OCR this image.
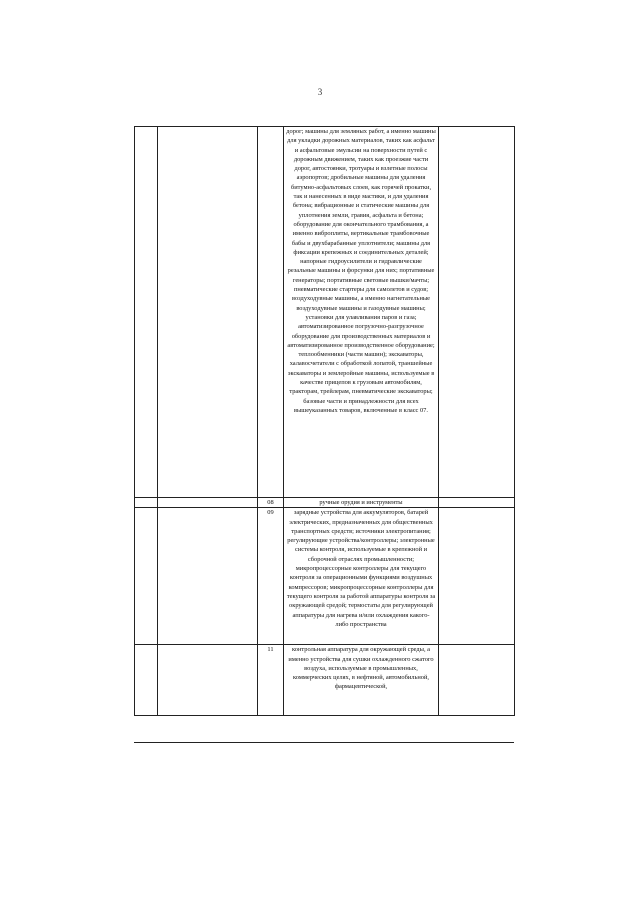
3
			дорог; машины для земляных работ, а именно машины для укладки дорожных материалов, таких как асфальт и асфальтовые эмульсии на поверхности путей с дорожным движением, таких как проезжие части дорог, автостоянки, тротуары и взлетные полосы аэропортов; дробильные машины для удаления битумно-асфальтовых слоев, как горячей прокатки, так и нанесенных в виде мастики, и для удаления бетона; вибрационные и статические машины для уплотнения земли, гравия, асфальта и бетона; оборудование для окончательного трамбования, а именно виброплиты, вертикальные трамбовочные бабы и двухбарабанные уплотнители; машины для фиксации крепежных и соединительных деталей; напорные гидроусилители и гидравлические резальные машины и форсунки для них; портативные генераторы; портативные световые вышки/мачты; пневматические стартеры для самолетов и судов; воздуходувные машины, а именно нагнетательные воздуходувные машины и газодувные машины; установки для улавливания паров и газа; автоматизированное погрузочно-разгрузочное оборудование для производственных материалов и автоматизированное производственное оборудование; теплообменники (части машин); экскаваторы, халавосчетатели с обработкой лопатой, траншейные экскаваторы и землеройные машины, используемые в качестве прицепов к грузовым автомобилям, тракторам, трейлерам, пневматические экскаваторы; базовые части и принадлежности для всех вышеуказанных товаров, включенные в класс 07.	
		08	ручные орудия и инструменты	
		09	зарядные устройства для аккумуляторов, батарей электрических, предназначенных для общественных транспортных средств; источники электропитания; регулирующие устройства/контроллеры; электронные системы контроля, используемые в крепежной и сборочной отраслях промышленности; микропроцессорные контроллеры для текущего контроля за операционными функциями воздушных компрессоров; микропроцессорные контроллеры для текущего контроля за работой аппаратуры контроля за окружающей средой; термостаты для регулирующей аппаратуры для нагрева и/или охлаждения какого-либо пространства	
		11	контрольная аппаратура для окружающей среды, а именно устройства для сушки охлажденного сжатого воздуха, используемые в промышленных, коммерческих целях, в нефтяной, автомобильной, фармацевтической,	
